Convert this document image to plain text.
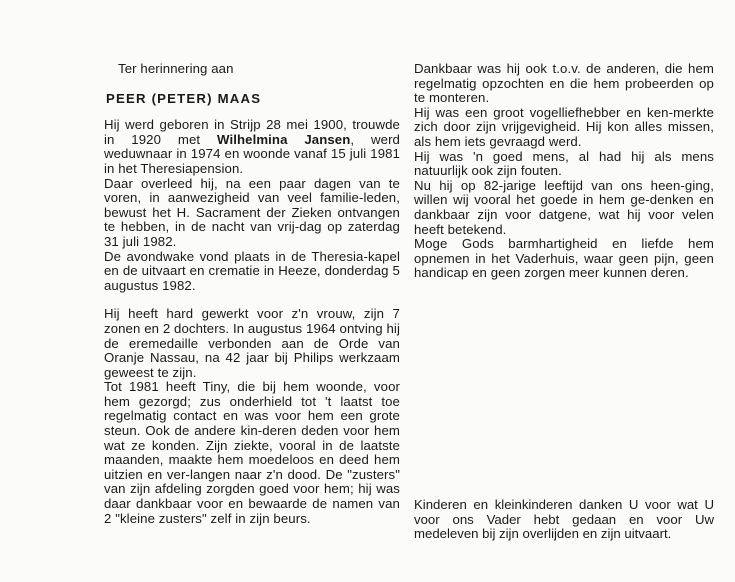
Ter herinnering aan
PEER (PETER) MAAS

Hij werd geboren in Strijp 28 mei 1900, trouwde in 1920 met Wilhelmina Jansen, werd weduwnaar in 1974 en woonde vanaf 15 juli 1981 in het Theresiapension.

Daar overleed hij, na een paar dagen van te voren, in aanwezigheid van veel familie-leden, bewust het H. Sacrament der Zieken ontvangen te hebben, in de nacht van vrij-dag op zaterdag 31 juli 1982.

De avondwake vond plaats in de Theresia-kapel en de uitvaart en crematie in Heeze, donderdag 5 augustus 1982.

Hij heeft hard gewerkt voor z'n vrouw, zijn 7 zonen en 2 dochters. In augustus 1964 ontving hij de eremedaille verbonden aan de Orde van Oranje Nassau, na 42 jaar bij Philips werkzaam geweest te zijn.

Tot 1981 heeft Tiny, die bij hem woonde, voor hem gezorgd; zus onderhield tot 't laatst toe regelmatig contact en was voor hem een grote steun. Ook de andere kin-deren deden voor hem wat ze konden. Zijn ziekte, vooral in de laatste maanden, maakte hem moedeloos en deed hem uitzien en ver-langen naar z'n dood. De "zusters" van zijn afdeling zorgden goed voor hem; hij was daar dankbaar voor en bewaarde de namen van 2 "kleine zusters" zelf in zijn beurs.

Dankbaar was hij ook t.o.v. de anderen, die hem regelmatig opzochten en die hem probeerden op te monteren.

Hij was een groot vogelliefhebber en ken-merkte zich door zijn vrijgevigheid. Hij kon alles missen, als hem iets gevraagd werd.

Hij was 'n goed mens, al had hij als mens natuurlijk ook zijn fouten.

Nu hij op 82-jarige leeftijd van ons heen-ging, willen wij vooral het goede in hem ge-denken en dankbaar zijn voor datgene, wat hij voor velen heeft betekend.

Moge Gods barmhartigheid en liefde hem opnemen in het Vaderhuis, waar geen pijn, geen handicap en geen zorgen meer kunnen deren.

Kinderen en kleinkinderen danken U voor wat U voor ons Vader hebt gedaan en voor Uw medeleven bij zijn overlijden en zijn uitvaart.
